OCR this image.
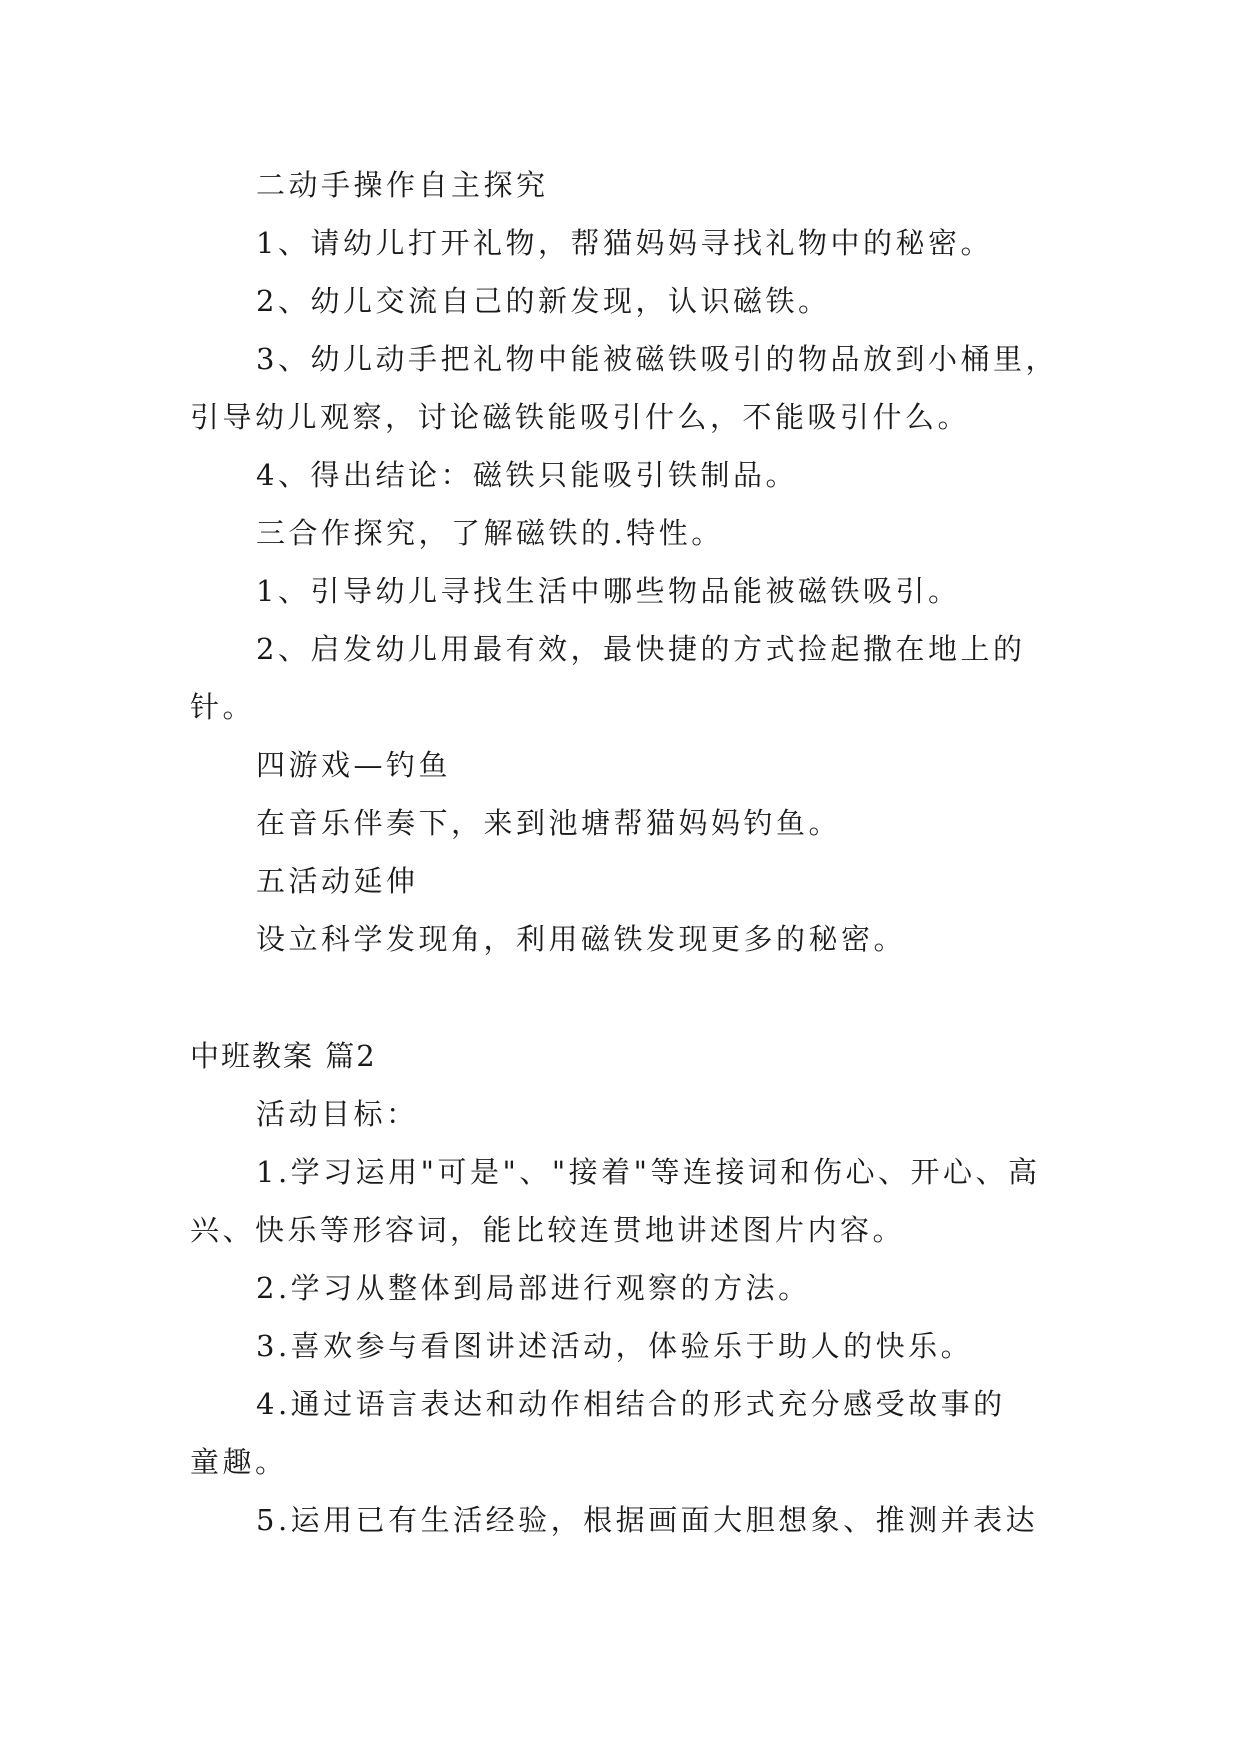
二动手操作自主探究
1、请幼儿打开礼物，帮猫妈妈寻找礼物中的秘密。
2、幼儿交流自己的新发现，认识磁铁。
3、幼儿动手把礼物中能被磁铁吸引的物品放到小桶里，
引导幼儿观察，讨论磁铁能吸引什么，不能吸引什么。
4、得出结论：磁铁只能吸引铁制品。
三合作探究，了解磁铁的.特性。
1、引导幼儿寻找生活中哪些物品能被磁铁吸引。
2、启发幼儿用最有效，最快捷的方式捡起撒在地上的
针。
四游戏—钓鱼
在音乐伴奏下，来到池塘帮猫妈妈钓鱼。
五活动延伸
设立科学发现角，利用磁铁发现更多的秘密。
中班教案 篇2
活动目标：
1.学习运用"可是"、"接着"等连接词和伤心、开心、高
兴、快乐等形容词，能比较连贯地讲述图片内容。
2.学习从整体到局部进行观察的方法。
3.喜欢参与看图讲述活动，体验乐于助人的快乐。
4.通过语言表达和动作相结合的形式充分感受故事的
童趣。
5.运用已有生活经验，根据画面大胆想象、推测并表达
